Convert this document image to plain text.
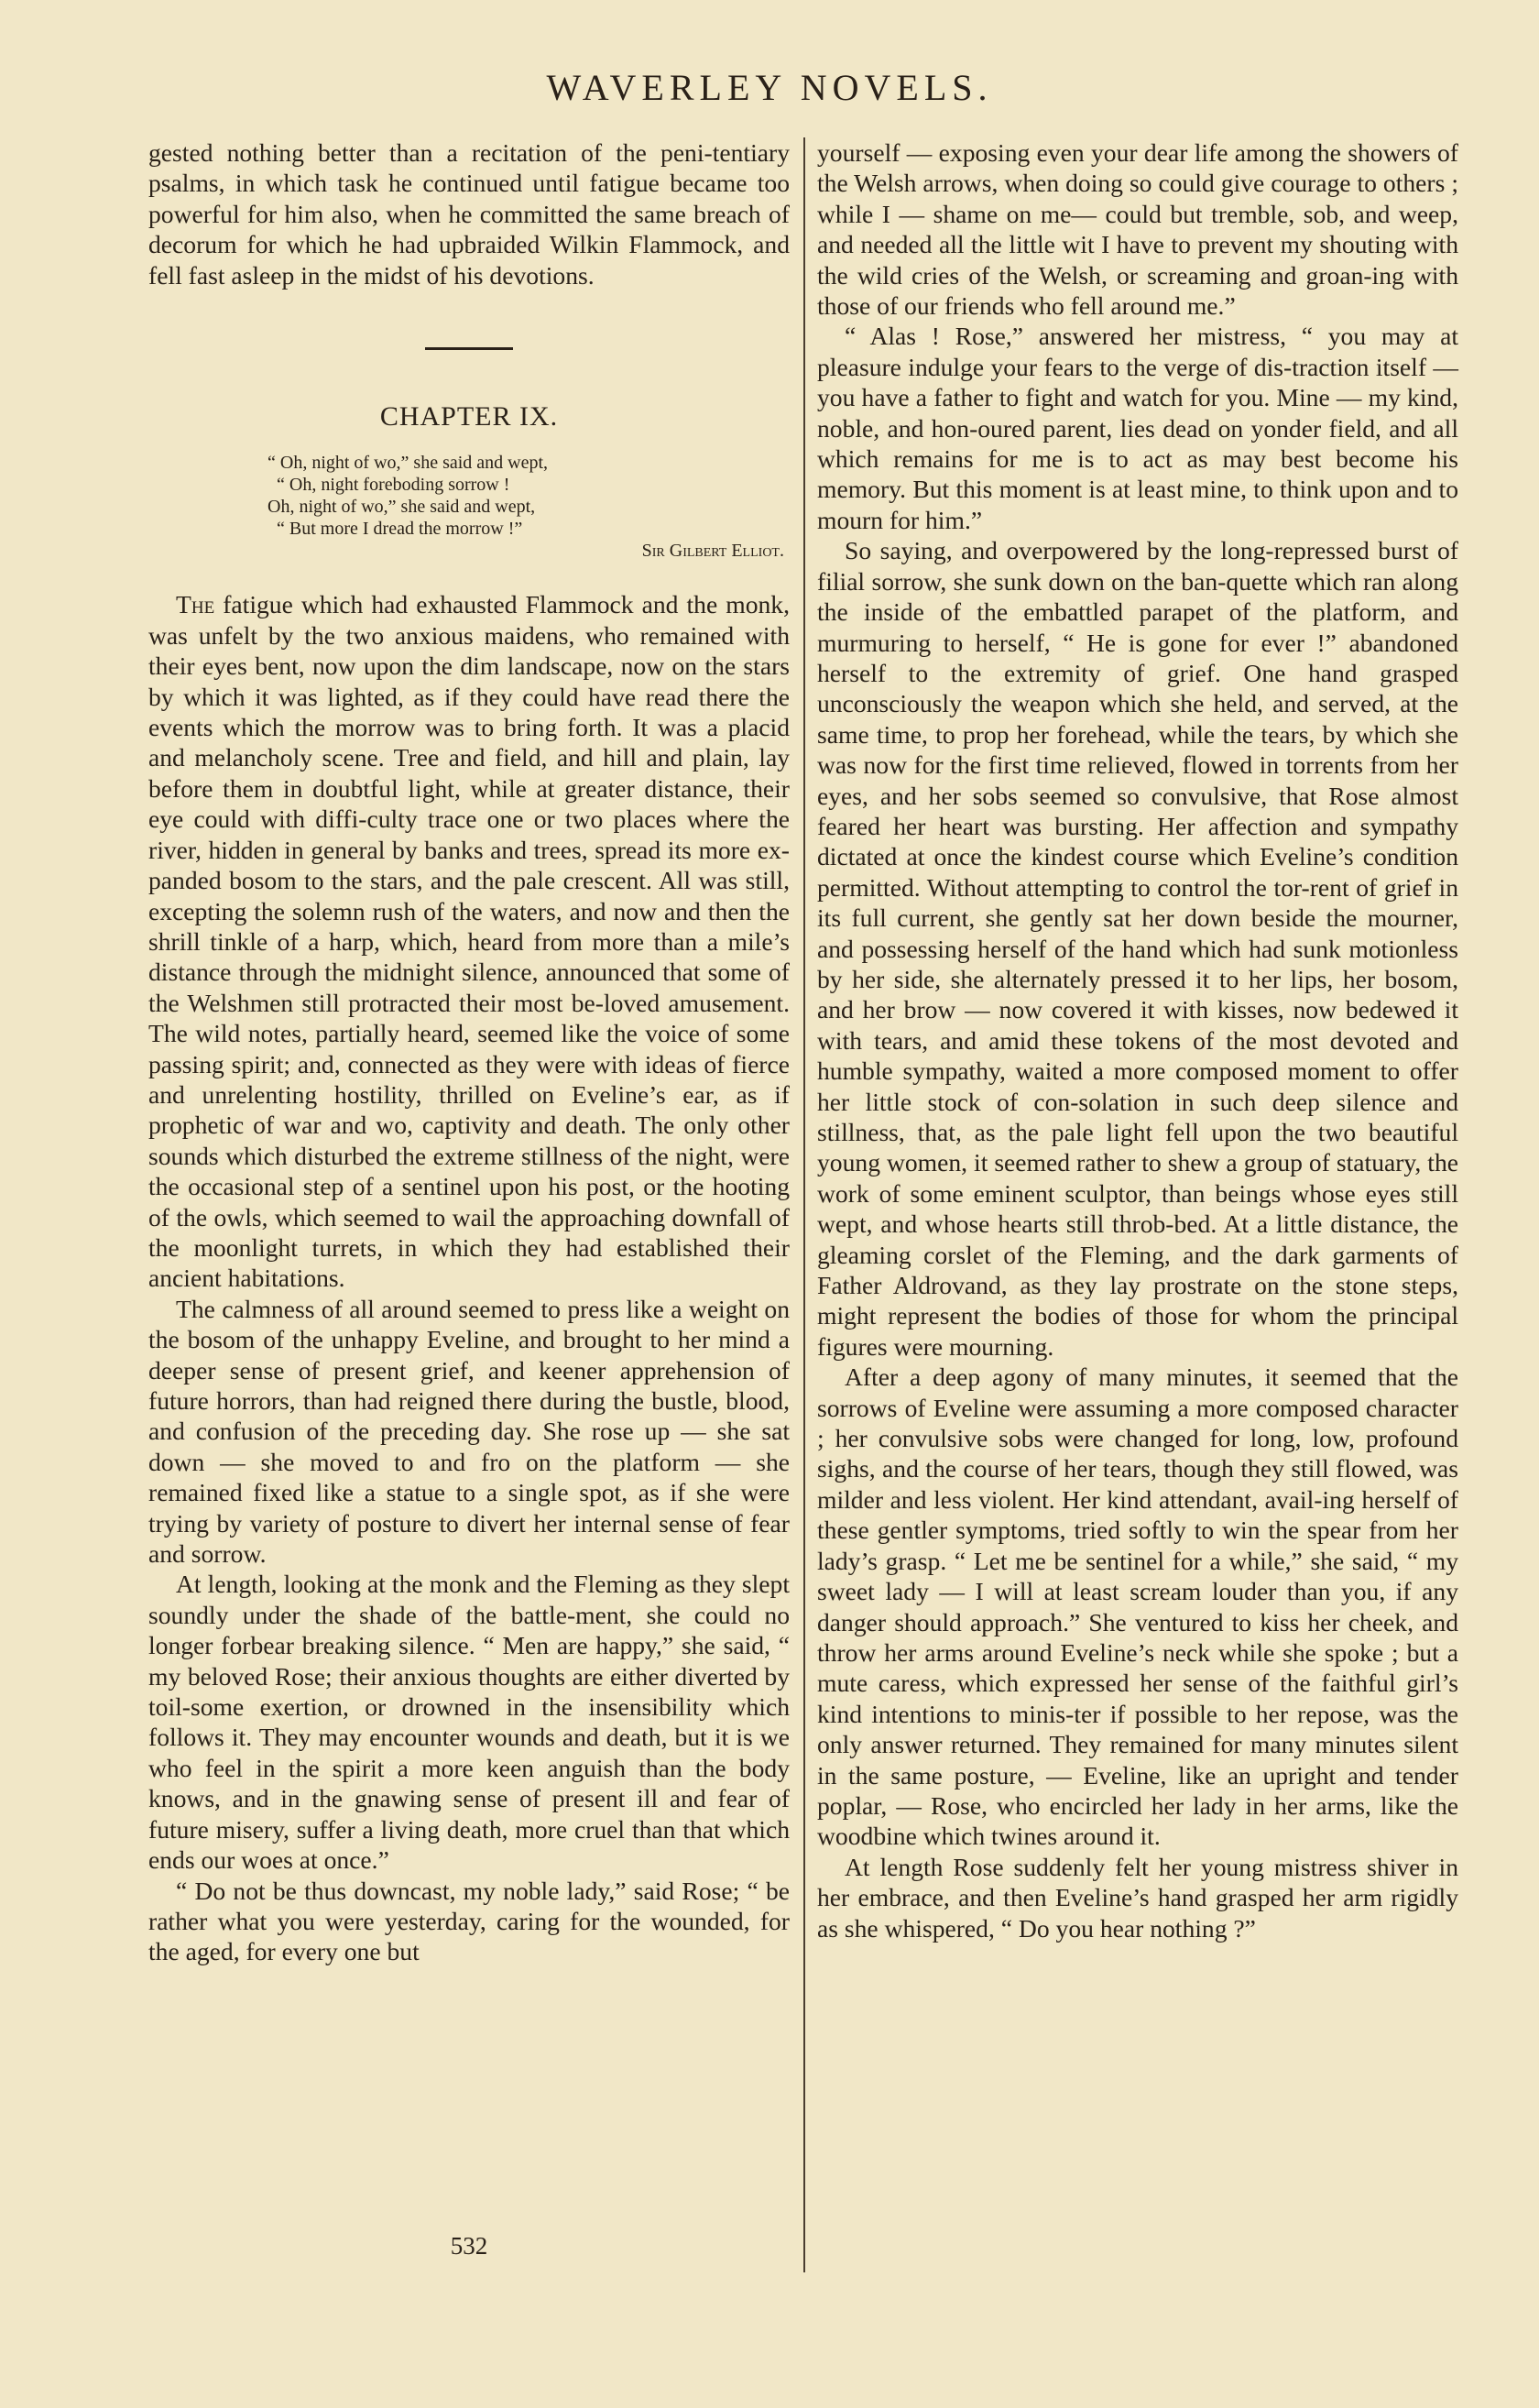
WAVERLEY NOVELS.

gested nothing better than a recitation of the peni-tentiary psalms, in which task he continued until fatigue became too powerful for him also, when he committed the same breach of decorum for which he had upbraided Wilkin Flammock, and fell fast asleep in the midst of his devotions.

CHAPTER IX.
“ Oh, night of wo,” she said and wept,
“ Oh, night foreboding sorrow !
Oh, night of wo,” she said and wept,
“ But more I dread the morrow !”
Sir Gilbert Elliot.

The fatigue which had exhausted Flammock and the monk, was unfelt by the two anxious maidens, who remained with their eyes bent, now upon the dim landscape, now on the stars by which it was lighted, as if they could have read there the events which the morrow was to bring forth. It was a placid and melancholy scene. Tree and field, and hill and plain, lay before them in doubtful light, while at greater distance, their eye could with diffi-culty trace one or two places where the river, hidden in general by banks and trees, spread its more ex-panded bosom to the stars, and the pale crescent. All was still, excepting the solemn rush of the waters, and now and then the shrill tinkle of a harp, which, heard from more than a mile’s distance through the midnight silence, announced that some of the Welshmen still protracted their most be-loved amusement. The wild notes, partially heard, seemed like the voice of some passing spirit; and, connected as they were with ideas of fierce and unrelenting hostility, thrilled on Eveline’s ear, as if prophetic of war and wo, captivity and death. The only other sounds which disturbed the extreme stillness of the night, were the occasional step of a sentinel upon his post, or the hooting of the owls, which seemed to wail the approaching downfall of the moonlight turrets, in which they had established their ancient habitations.

The calmness of all around seemed to press like a weight on the bosom of the unhappy Eveline, and brought to her mind a deeper sense of present grief, and keener apprehension of future horrors, than had reigned there during the bustle, blood, and confusion of the preceding day. She rose up — she sat down — she moved to and fro on the platform — she remained fixed like a statue to a single spot, as if she were trying by variety of posture to divert her internal sense of fear and sorrow.

At length, looking at the monk and the Fleming as they slept soundly under the shade of the battle-ment, she could no longer forbear breaking silence. “ Men are happy,” she said, “ my beloved Rose; their anxious thoughts are either diverted by toil-some exertion, or drowned in the insensibility which follows it. They may encounter wounds and death, but it is we who feel in the spirit a more keen anguish than the body knows, and in the gnawing sense of present ill and fear of future misery, suffer a living death, more cruel than that which ends our woes at once.”

“ Do not be thus downcast, my noble lady,” said Rose; “ be rather what you were yesterday, caring for the wounded, for the aged, for every one but

yourself — exposing even your dear life among the showers of the Welsh arrows, when doing so could give courage to others ; while I — shame on me— could but tremble, sob, and weep, and needed all the little wit I have to prevent my shouting with the wild cries of the Welsh, or screaming and groan-ing with those of our friends who fell around me.”

“ Alas ! Rose,” answered her mistress, “ you may at pleasure indulge your fears to the verge of dis-traction itself — you have a father to fight and watch for you. Mine — my kind, noble, and hon-oured parent, lies dead on yonder field, and all which remains for me is to act as may best become his memory. But this moment is at least mine, to think upon and to mourn for him.”

So saying, and overpowered by the long-repressed burst of filial sorrow, she sunk down on the ban-quette which ran along the inside of the embattled parapet of the platform, and murmuring to herself, “ He is gone for ever !” abandoned herself to the extremity of grief. One hand grasped unconsciously the weapon which she held, and served, at the same time, to prop her forehead, while the tears, by which she was now for the first time relieved, flowed in torrents from her eyes, and her sobs seemed so convulsive, that Rose almost feared her heart was bursting. Her affection and sympathy dictated at once the kindest course which Eveline’s condition permitted. Without attempting to control the tor-rent of grief in its full current, she gently sat her down beside the mourner, and possessing herself of the hand which had sunk motionless by her side, she alternately pressed it to her lips, her bosom, and her brow — now covered it with kisses, now bedewed it with tears, and amid these tokens of the most devoted and humble sympathy, waited a more composed moment to offer her little stock of con-solation in such deep silence and stillness, that, as the pale light fell upon the two beautiful young women, it seemed rather to shew a group of statuary, the work of some eminent sculptor, than beings whose eyes still wept, and whose hearts still throb-bed. At a little distance, the gleaming corslet of the Fleming, and the dark garments of Father Aldrovand, as they lay prostrate on the stone steps, might represent the bodies of those for whom the principal figures were mourning.

After a deep agony of many minutes, it seemed that the sorrows of Eveline were assuming a more composed character ; her convulsive sobs were changed for long, low, profound sighs, and the course of her tears, though they still flowed, was milder and less violent. Her kind attendant, avail-ing herself of these gentler symptoms, tried softly to win the spear from her lady’s grasp. “ Let me be sentinel for a while,” she said, “ my sweet lady — I will at least scream louder than you, if any danger should approach.” She ventured to kiss her cheek, and throw her arms around Eveline’s neck while she spoke ; but a mute caress, which expressed her sense of the faithful girl’s kind intentions to minis-ter if possible to her repose, was the only answer returned. They remained for many minutes silent in the same posture, — Eveline, like an upright and tender poplar, — Rose, who encircled her lady in her arms, like the woodbine which twines around it.

At length Rose suddenly felt her young mistress shiver in her embrace, and then Eveline’s hand grasped her arm rigidly as she whispered, “ Do you hear nothing ?”

532
